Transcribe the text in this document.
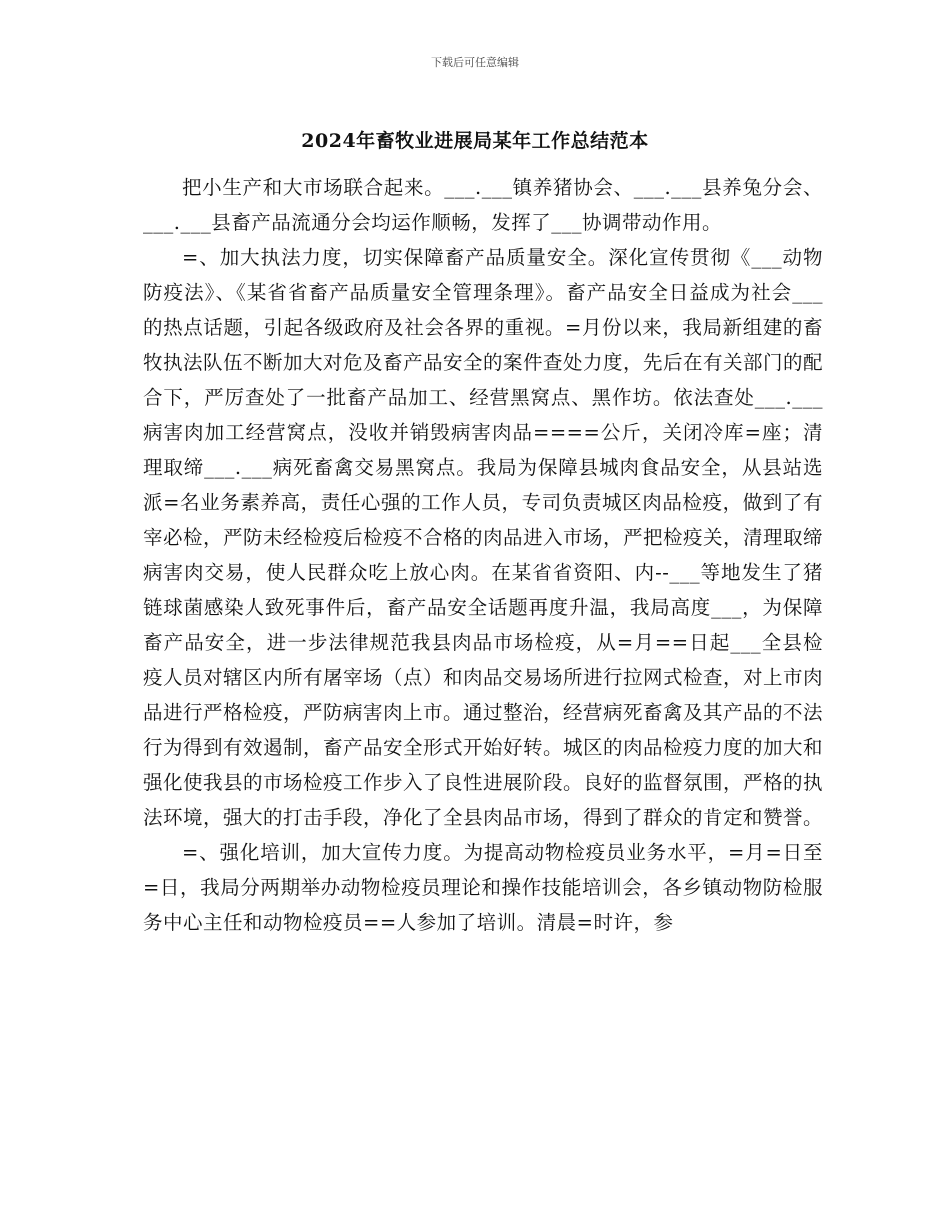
下载后可任意编辑
2024年畜牧业进展局某年工作总结范本

把小生产和大市场联合起来。___.___镇养猪协会、___.___县养兔分会、___.___县畜产品流通分会均运作顺畅，发挥了___协调带动作用。

=、加大执法力度，切实保障畜产品质量安全。深化宣传贯彻《___动物防疫法》、《某省省畜产品质量安全管理条理》。畜产品安全日益成为社会___的热点话题，引起各级政府及社会各界的重视。=月份以来，我局新组建的畜牧执法队伍不断加大对危及畜产品安全的案件查处力度，先后在有关部门的配合下，严厉查处了一批畜产品加工、经营黑窝点、黑作坊。依法查处___.___病害肉加工经营窝点，没收并销毁病害肉品====公斤，关闭冷库=座；清理取缔___.___病死畜禽交易黑窝点。我局为保障县城肉食品安全，从县站选派=名业务素养高，责任心强的工作人员，专司负责城区肉品检疫，做到了有宰必检，严防未经检疫后检疫不合格的肉品进入市场，严把检疫关，清理取缔病害肉交易，使人民群众吃上放心肉。在某省省资阳、内--___等地发生了猪链球菌感染人致死事件后，畜产品安全话题再度升温，我局高度___，为保障畜产品安全，进一步法律规范我县肉品市场检疫，从=月==日起___全县检疫人员对辖区内所有屠宰场（点）和肉品交易场所进行拉网式检查，对上市肉品进行严格检疫，严防病害肉上市。通过整治，经营病死畜禽及其产品的不法行为得到有效遏制，畜产品安全形式开始好转。城区的肉品检疫力度的加大和强化使我县的市场检疫工作步入了良性进展阶段。良好的监督氛围，严格的执法环境，强大的打击手段，净化了全县肉品市场，得到了群众的肯定和赞誉。

=、强化培训，加大宣传力度。为提高动物检疫员业务水平，=月=日至=日，我局分两期举办动物检疫员理论和操作技能培训会，各乡镇动物防检服务中心主任和动物检疫员==人参加了培训。清晨=时许，参
